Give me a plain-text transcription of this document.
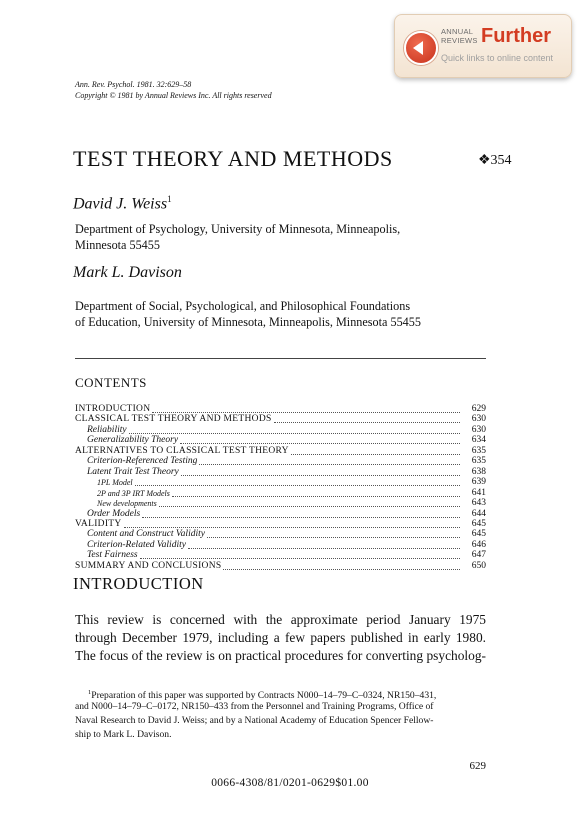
ANNUAL
REVIEWS Further
Quick links to online content
Ann. Rev. Psychol. 1981. 32:629–58
Copyright © 1981 by Annual Reviews Inc. All rights reserved
TEST THEORY AND METHODS	❖354
David J. Weiss$^1$
Department of Psychology, University of Minnesota, Minneapolis,
Minnesota 55455
Mark L. Davison
Department of Social, Psychological, and Philosophical Foundations
of Education, University of Minnesota, Minneapolis, Minnesota 55455
CONTENTS
INTRODUCTION	629
CLASSICAL TEST THEORY AND METHODS	630
Reliability	630
Generalizability Theory	634
ALTERNATIVES TO CLASSICAL TEST THEORY	635
Criterion-Referenced Testing	635
Latent Trait Test Theory	638
1PL Model	639
2P and 3P IRT Models	641
New developments	643
Order Models	644
VALIDITY	645
Content and Construct Validity	645
Criterion-Related Validity	646
Test Fairness	647
SUMMARY AND CONCLUSIONS	650
INTRODUCTION
This review is concerned with the approximate period January 1975
through December 1979, including a few papers published in early 1980.
The focus of the review is on practical procedures for converting psycholog-
$^1$Preparation of this paper was supported by Contracts N000–14–79–C–0324, NR150–431,
and N000–14–79–C–0172, NR150–433 from the Personnel and Training Programs, Office of
Naval Research to David J. Weiss; and by a National Academy of Education Spencer Fellow-
ship to Mark L. Davison.
629
0066-4308/81/0201-0629$01.00
